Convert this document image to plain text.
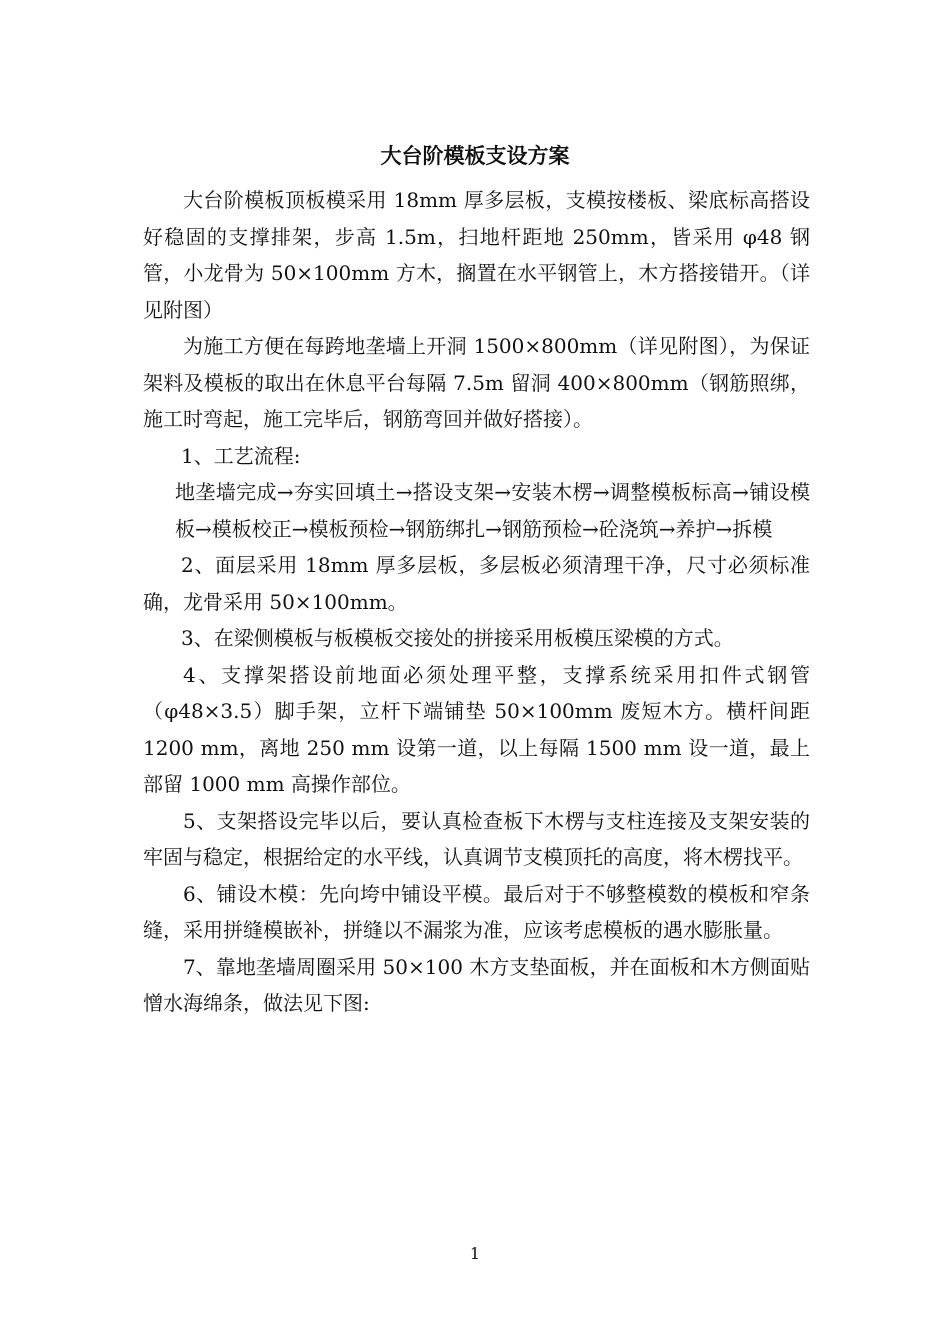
大台阶模板支设方案

大台阶模板顶板模采用 18mm 厚多层板，支模按楼板、梁底标高搭设好稳固的支撑排架，步高 1.5m，扫地杆距地 250mm，皆采用 φ48 钢管，小龙骨为 50×100mm 方木，搁置在水平钢管上，木方搭接错开。（详见附图）

为施工方便在每跨地垄墙上开洞 1500×800mm（详见附图），为保证架料及模板的取出在休息平台每隔 7.5m 留洞 400×800mm（钢筋照绑，施工时弯起，施工完毕后，钢筋弯回并做好搭接）。

1、工艺流程:

地垄墙完成→夯实回填土→搭设支架→安装木楞→调整模板标高→铺设模板→模板校正→模板预检→钢筋绑扎→钢筋预检→砼浇筑→养护→拆模

2、面层采用 18mm 厚多层板，多层板必须清理干净，尺寸必须标准确，龙骨采用 50×100mm。

3、在梁侧模板与板模板交接处的拼接采用板模压梁模的方式。

4、支撑架搭设前地面必须处理平整，支撑系统采用扣件式钢管（φ48×3.5）脚手架，立杆下端铺垫 50×100mm 废短木方。横杆间距 1200 mm，离地 250 mm 设第一道，以上每隔 1500 mm 设一道，最上部留 1000 mm 高操作部位。

5、支架搭设完毕以后，要认真检查板下木楞与支柱连接及支架安装的牢固与稳定，根据给定的水平线，认真调节支模顶托的高度，将木楞找平。

6、铺设木模：先向垮中铺设平模。最后对于不够整模数的模板和窄条缝，采用拼缝模嵌补，拼缝以不漏浆为准，应该考虑模板的遇水膨胀量。

7、靠地垄墙周圈采用 50×100 木方支垫面板，并在面板和木方侧面贴憎水海绵条，做法见下图:

1
